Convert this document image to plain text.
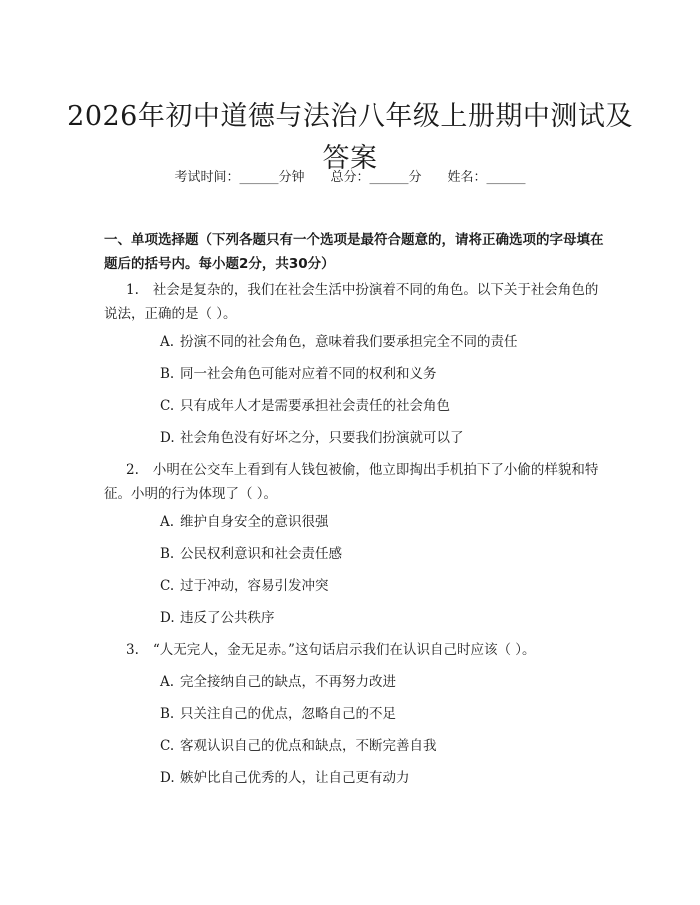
2026年初中道德与法治八年级上册期中测试及答案
考试时间：______分钟 总分：______分 姓名：______
一、单项选择题（下列各题只有一个选项是最符合题意的，请将正确选项的字母填在题后的括号内。每小题2分，共30分）
1. 社会是复杂的，我们在社会生活中扮演着不同的角色。以下关于社会角色的说法，正确的是（ ）。
A. 扮演不同的社会角色，意味着我们要承担完全不同的责任
B. 同一社会角色可能对应着不同的权利和义务
C. 只有成年人才是需要承担社会责任的社会角色
D. 社会角色没有好坏之分，只要我们扮演就可以了
2. 小明在公交车上看到有人钱包被偷，他立即掏出手机拍下了小偷的样貌和特征。小明的行为体现了（ ）。
A. 维护自身安全的意识很强
B. 公民权利意识和社会责任感
C. 过于冲动，容易引发冲突
D. 违反了公共秩序
3. “人无完人，金无足赤。”这句话启示我们在认识自己时应该（ ）。
A. 完全接纳自己的缺点，不再努力改进
B. 只关注自己的优点，忽略自己的不足
C. 客观认识自己的优点和缺点，不断完善自我
D. 嫉妒比自己优秀的人，让自己更有动力
